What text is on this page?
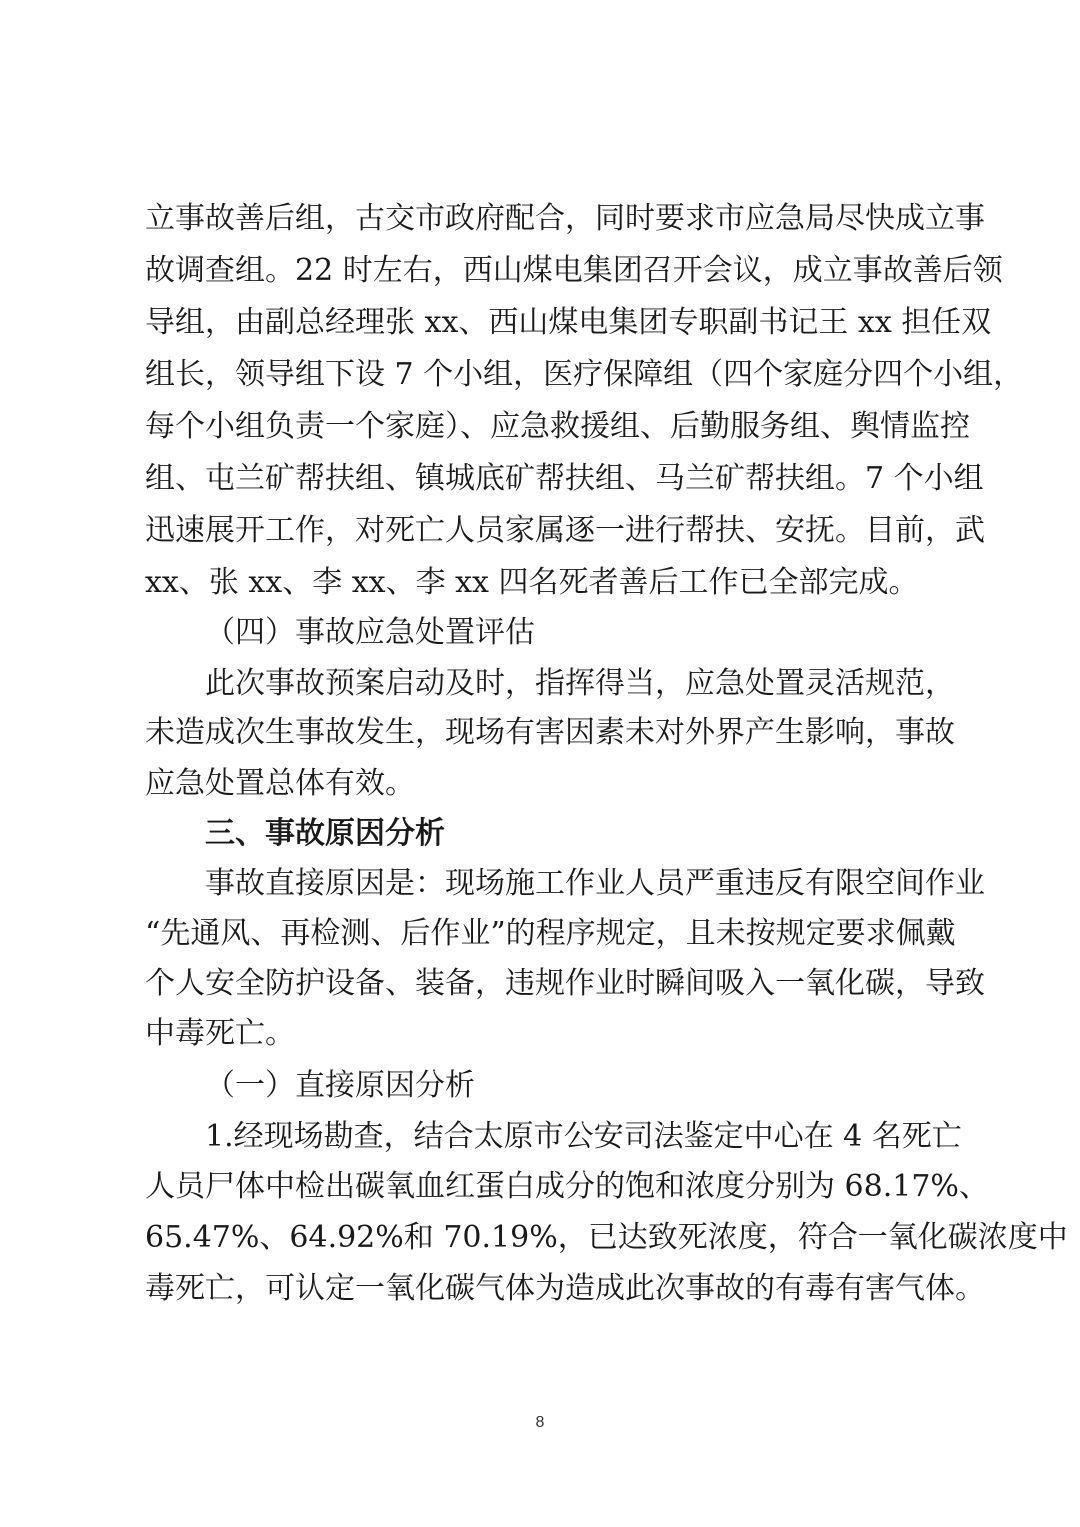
立事故善后组，古交市政府配合，同时要求市应急局尽快成立事
故调查组。22 时左右，西山煤电集团召开会议，成立事故善后领
导组，由副总经理张 xx、西山煤电集团专职副书记王 xx 担任双
组长，领导组下设 7 个小组，医疗保障组（四个家庭分四个小组，
每个小组负责一个家庭）、应急救援组、后勤服务组、舆情监控
组、屯兰矿帮扶组、镇城底矿帮扶组、马兰矿帮扶组。7 个小组
迅速展开工作，对死亡人员家属逐一进行帮扶、安抚。目前，武
xx、张 xx、李 xx、李 xx 四名死者善后工作已全部完成。
（四）事故应急处置评估
此次事故预案启动及时，指挥得当，应急处置灵活规范，
未造成次生事故发生，现场有害因素未对外界产生影响，事故
应急处置总体有效。
三、事故原因分析
事故直接原因是：现场施工作业人员严重违反有限空间作业
“先通风、再检测、后作业”的程序规定，且未按规定要求佩戴
个人安全防护设备、装备，违规作业时瞬间吸入一氧化碳，导致
中毒死亡。
（一）直接原因分析
1.经现场勘查，结合太原市公安司法鉴定中心在 4 名死亡
人员尸体中检出碳氧血红蛋白成分的饱和浓度分别为 68.17%、
65.47%、64.92%和 70.19%，已达致死浓度，符合一氧化碳浓度中
毒死亡，可认定一氧化碳气体为造成此次事故的有毒有害气体。
8
